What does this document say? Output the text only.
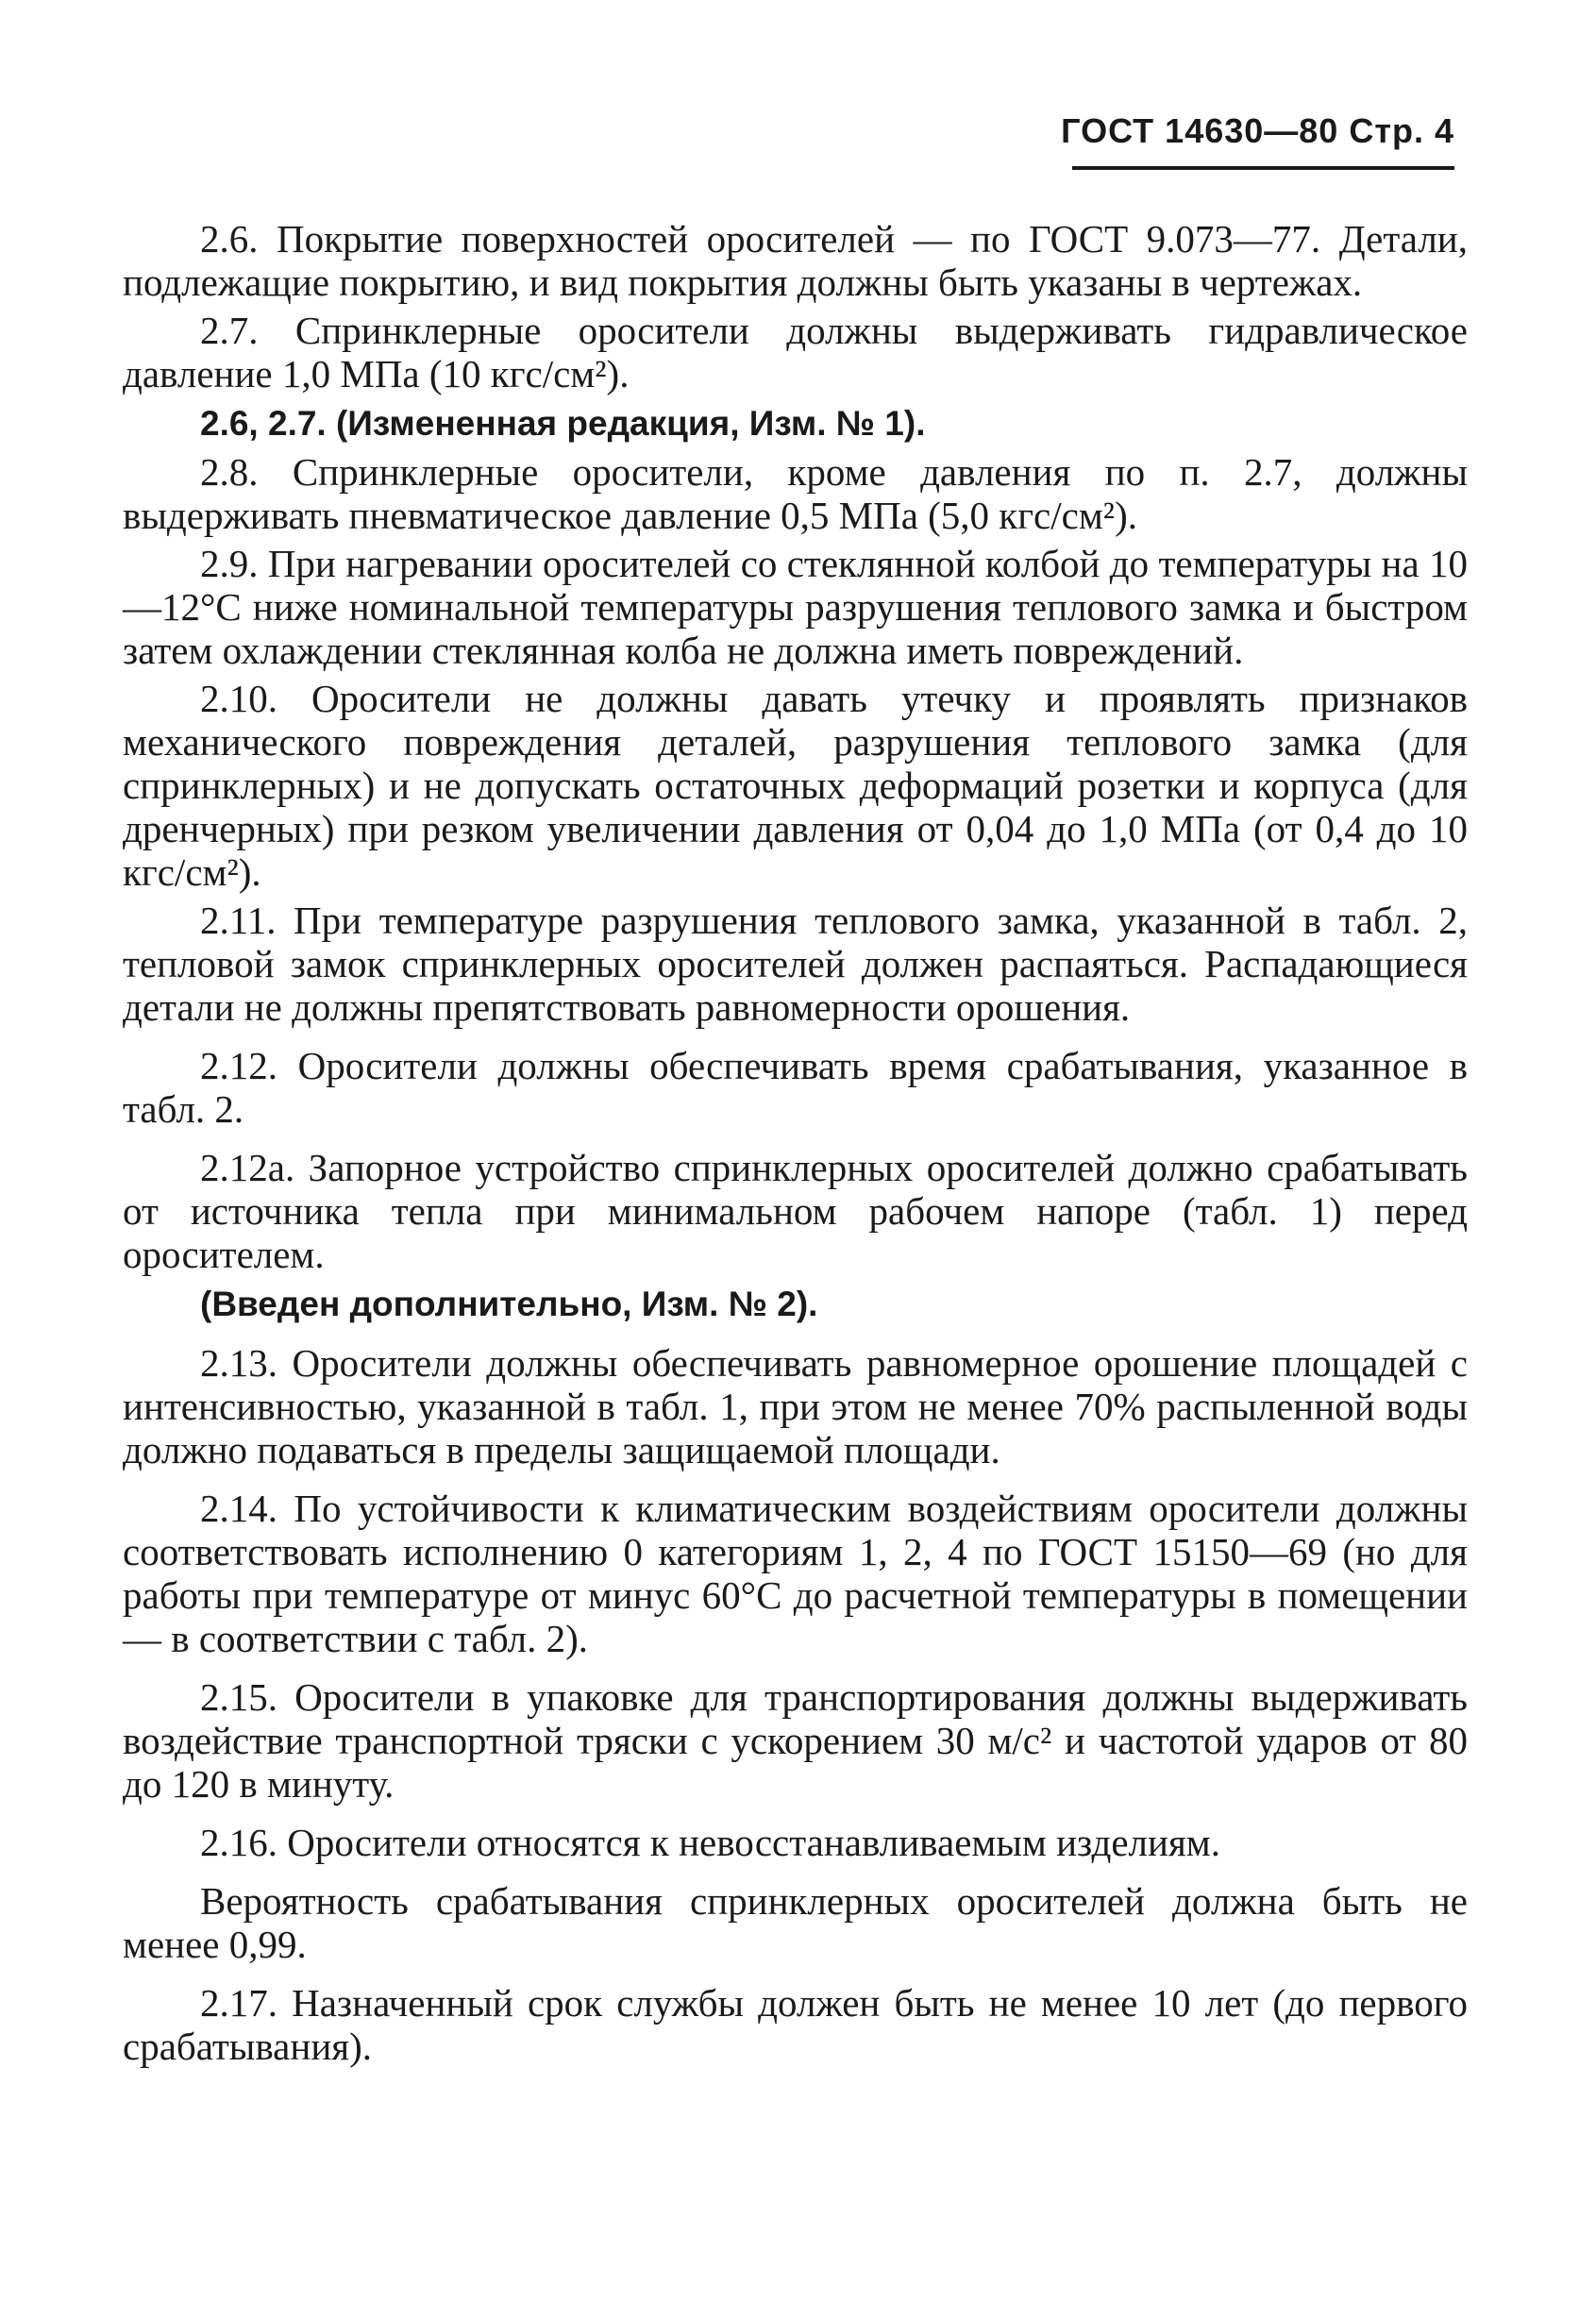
ГОСТ 14630—80 Стр. 4

2.6. Покрытие поверхностей оросителей — по ГОСТ 9.073—77. Детали, подлежащие покрытию, и вид покрытия должны быть указаны в чертежах.

2.7. Спринклерные оросители должны выдерживать гидравлическое давление 1,0 МПа (10 кгс/см²).

2.6, 2.7. (Измененная редакция, Изм. № 1).

2.8. Спринклерные оросители, кроме давления по п. 2.7, должны выдерживать пневматическое давление 0,5 МПа (5,0 кгс/см²).

2.9. При нагревании оросителей со стеклянной колбой до температуры на 10—12°С ниже номинальной температуры разрушения теплового замка и быстром затем охлаждении стеклянная колба не должна иметь повреждений.

2.10. Оросители не должны давать утечку и проявлять признаков механического повреждения деталей, разрушения теплового замка (для спринклерных) и не допускать остаточных деформаций розетки и корпуса (для дренчерных) при резком увеличении давления от 0,04 до 1,0 МПа (от 0,4 до 10 кгс/см²).

2.11. При температуре разрушения теплового замка, указанной в табл. 2, тепловой замок спринклерных оросителей должен распаяться. Распадающиеся детали не должны препятствовать равномерности орошения.

2.12. Оросители должны обеспечивать время срабатывания, указанное в табл. 2.

2.12а. Запорное устройство спринклерных оросителей должно срабатывать от источника тепла при минимальном рабочем напоре (табл. 1) перед оросителем.

(Введен дополнительно, Изм. № 2).

2.13. Оросители должны обеспечивать равномерное орошение площадей с интенсивностью, указанной в табл. 1, при этом не менее 70% распыленной воды должно подаваться в пределы защищаемой площади.

2.14. По устойчивости к климатическим воздействиям оросители должны соответствовать исполнению 0 категориям 1, 2, 4 по ГОСТ 15150—69 (но для работы при температуре от минус 60°С до расчетной температуры в помещении — в соответствии с табл. 2).

2.15. Оросители в упаковке для транспортирования должны выдерживать воздействие транспортной тряски с ускорением 30 м/с² и частотой ударов от 80 до 120 в минуту.

2.16. Оросители относятся к невосстанавливаемым изделиям.

Вероятность срабатывания спринклерных оросителей должна быть не менее 0,99.

2.17. Назначенный срок службы должен быть не менее 10 лет (до первого срабатывания).
